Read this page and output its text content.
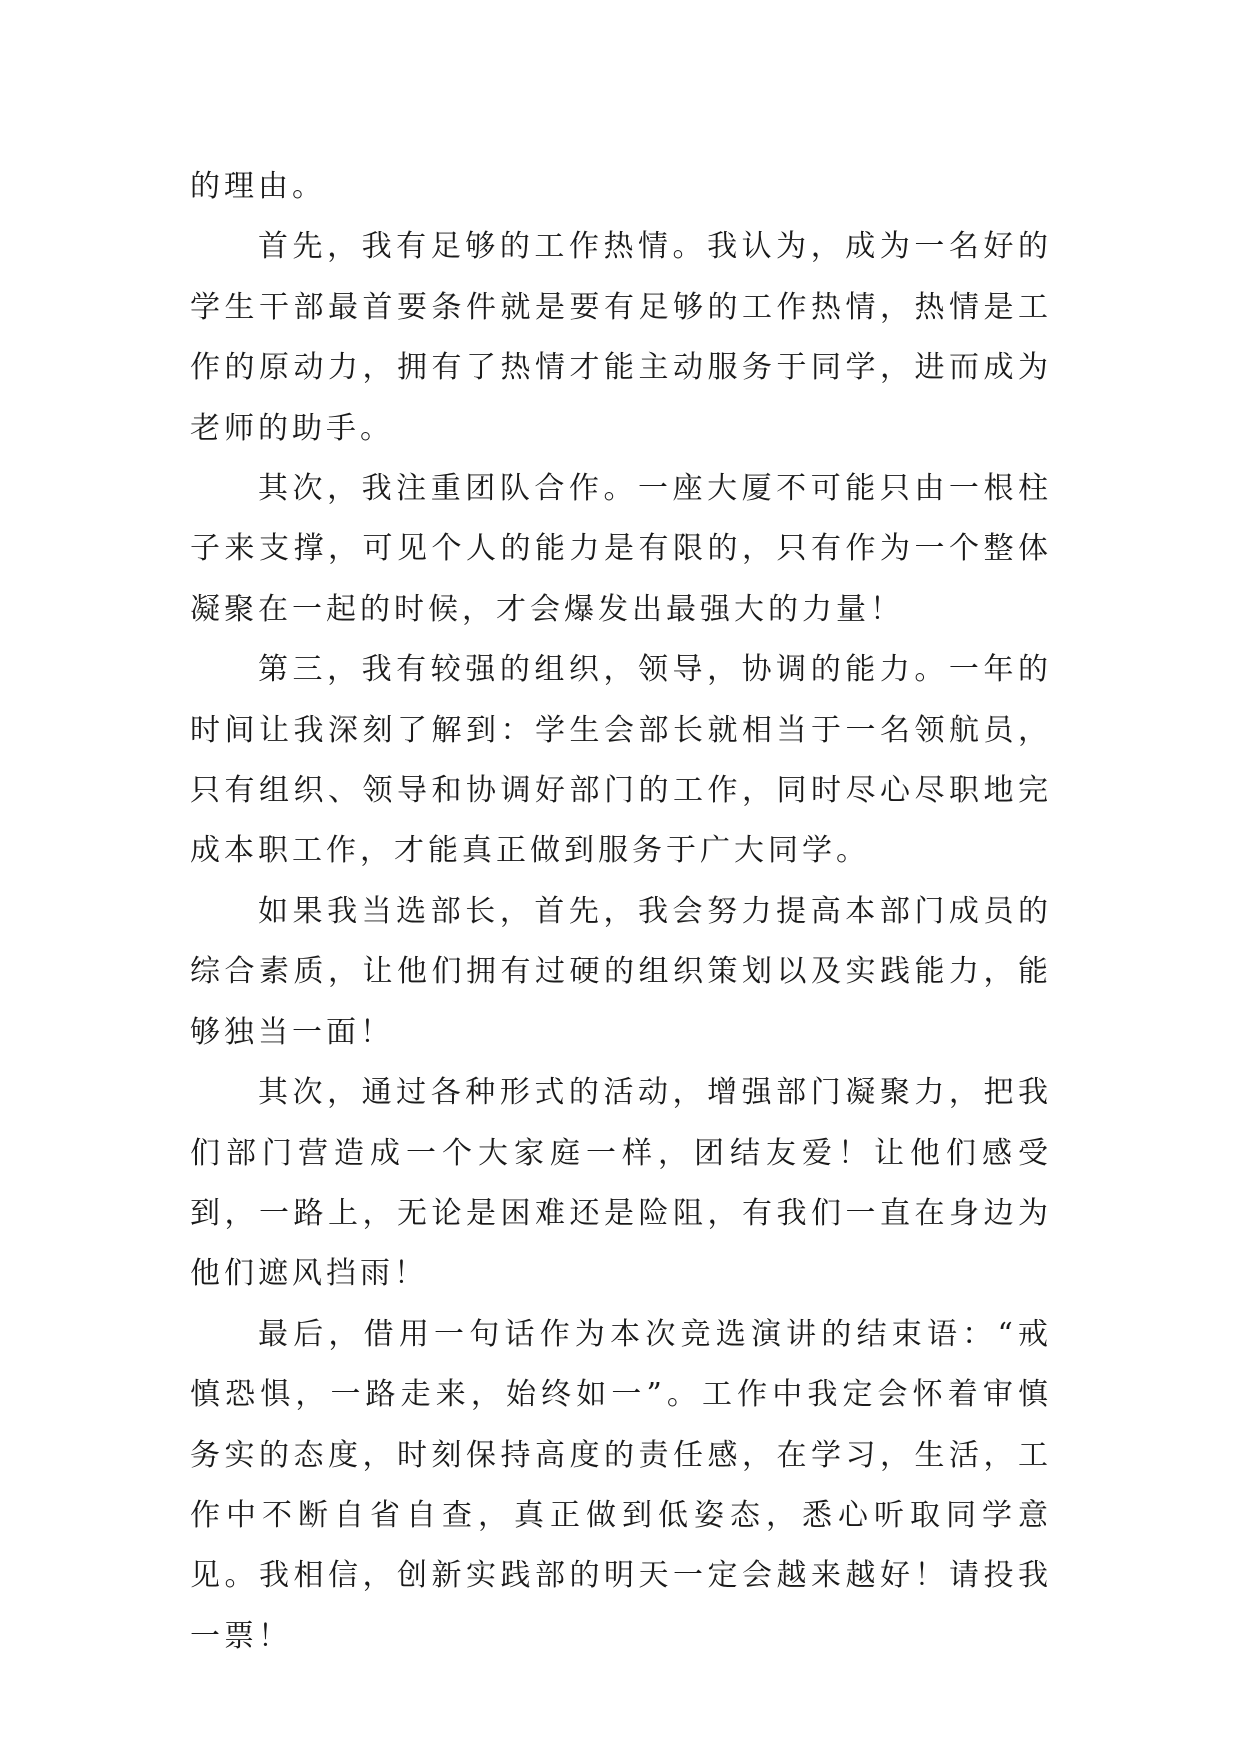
的理由。

首先，我有足够的工作热情。我认为，成为一名好的学生干部最首要条件就是要有足够的工作热情，热情是工作的原动力，拥有了热情才能主动服务于同学，进而成为老师的助手。

其次，我注重团队合作。一座大厦不可能只由一根柱子来支撑，可见个人的能力是有限的，只有作为一个整体凝聚在一起的时候，才会爆发出最强大的力量！

第三，我有较强的组织，领导，协调的能力。一年的时间让我深刻了解到：学生会部长就相当于一名领航员，只有组织、领导和协调好部门的工作，同时尽心尽职地完成本职工作，才能真正做到服务于广大同学。

如果我当选部长，首先，我会努力提高本部门成员的综合素质，让他们拥有过硬的组织策划以及实践能力，能够独当一面！

其次，通过各种形式的活动，增强部门凝聚力，把我们部门营造成一个大家庭一样，团结友爱！让他们感受到，一路上，无论是困难还是险阻，有我们一直在身边为他们遮风挡雨！

最后，借用一句话作为本次竞选演讲的结束语：“戒慎恐惧，一路走来，始终如一”。工作中我定会怀着审慎务实的态度，时刻保持高度的责任感，在学习，生活，工作中不断自省自查，真正做到低姿态，悉心听取同学意见。我相信，创新实践部的明天一定会越来越好！请投我一票！
